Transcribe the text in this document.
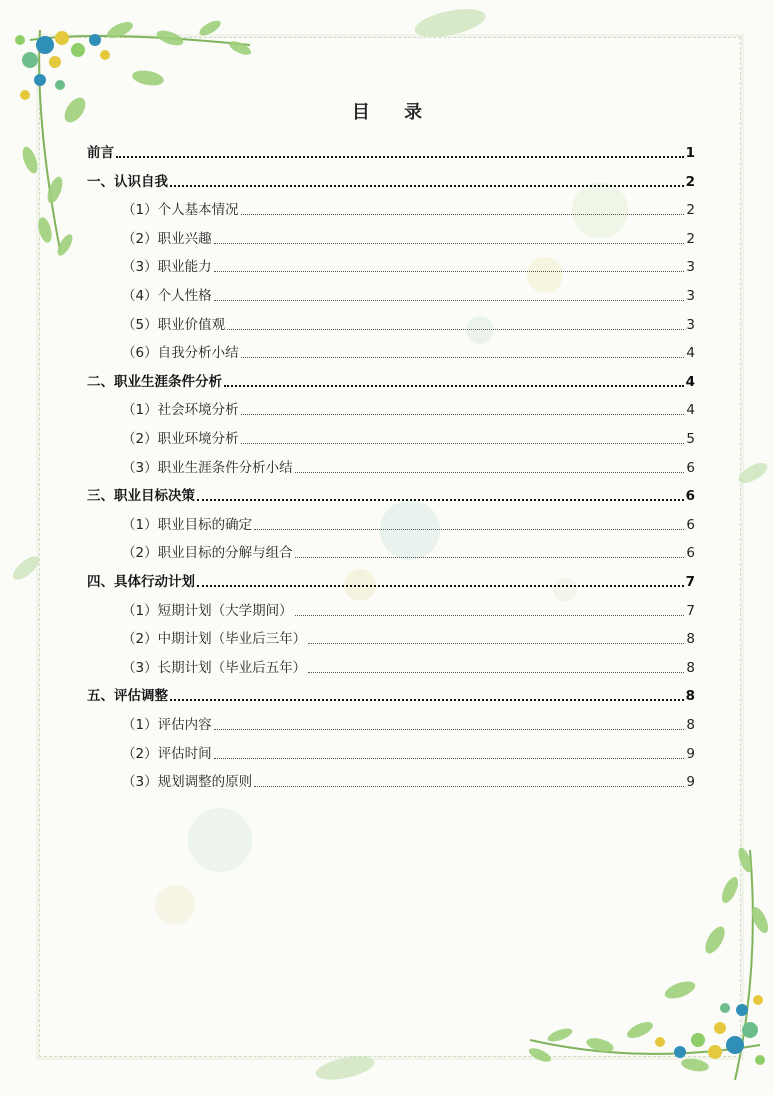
目 录
前言	1
一、认识自我	2
（1）个人基本情况	2
（2）职业兴趣	2
（3）职业能力	3
（4）个人性格	3
（5）职业价值观	3
（6）自我分析小结	4
二、职业生涯条件分析	4
（1）社会环境分析	4
（2）职业环境分析	5
（3）职业生涯条件分析小结	6
三、职业目标决策	6
（1）职业目标的确定	6
（2）职业目标的分解与组合	6
四、具体行动计划	7
（1）短期计划（大学期间）	7
（2）中期计划（毕业后三年）	8
（3）长期计划（毕业后五年）	8
五、评估调整	8
（1）评估内容	8
（2）评估时间	9
（3）规划调整的原则	9
